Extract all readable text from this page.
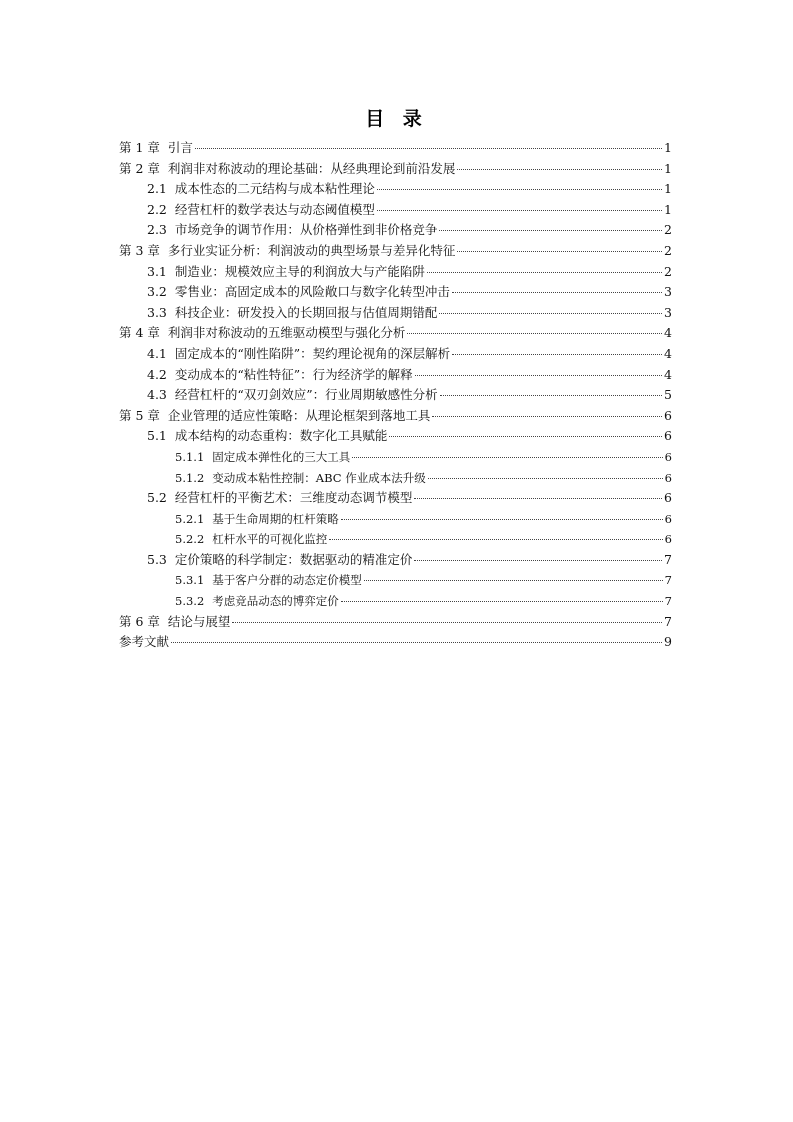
目 录
第 1 章 引言	1
第 2 章 利润非对称波动的理论基础：从经典理论到前沿发展	1
2.1 成本性态的二元结构与成本粘性理论	1
2.2 经营杠杆的数学表达与动态阈值模型	1
2.3 市场竞争的调节作用：从价格弹性到非价格竞争	2
第 3 章 多行业实证分析：利润波动的典型场景与差异化特征	2
3.1 制造业：规模效应主导的利润放大与产能陷阱	2
3.2 零售业：高固定成本的风险敞口与数字化转型冲击	3
3.3 科技企业：研发投入的长期回报与估值周期错配	3
第 4 章 利润非对称波动的五维驱动模型与强化分析	4
4.1 固定成本的“刚性陷阱”：契约理论视角的深层解析	4
4.2 变动成本的“粘性特征”：行为经济学的解释	4
4.3 经营杠杆的“双刃剑效应”：行业周期敏感性分析	5
第 5 章 企业管理的适应性策略：从理论框架到落地工具	6
5.1 成本结构的动态重构：数字化工具赋能	6
5.1.1 固定成本弹性化的三大工具	6
5.1.2 变动成本粘性控制：ABC 作业成本法升级	6
5.2 经营杠杆的平衡艺术：三维度动态调节模型	6
5.2.1 基于生命周期的杠杆策略	6
5.2.2 杠杆水平的可视化监控	6
5.3 定价策略的科学制定：数据驱动的精准定价	7
5.3.1 基于客户分群的动态定价模型	7
5.3.2 考虑竞品动态的博弈定价	7
第 6 章 结论与展望	7
参考文献	9
